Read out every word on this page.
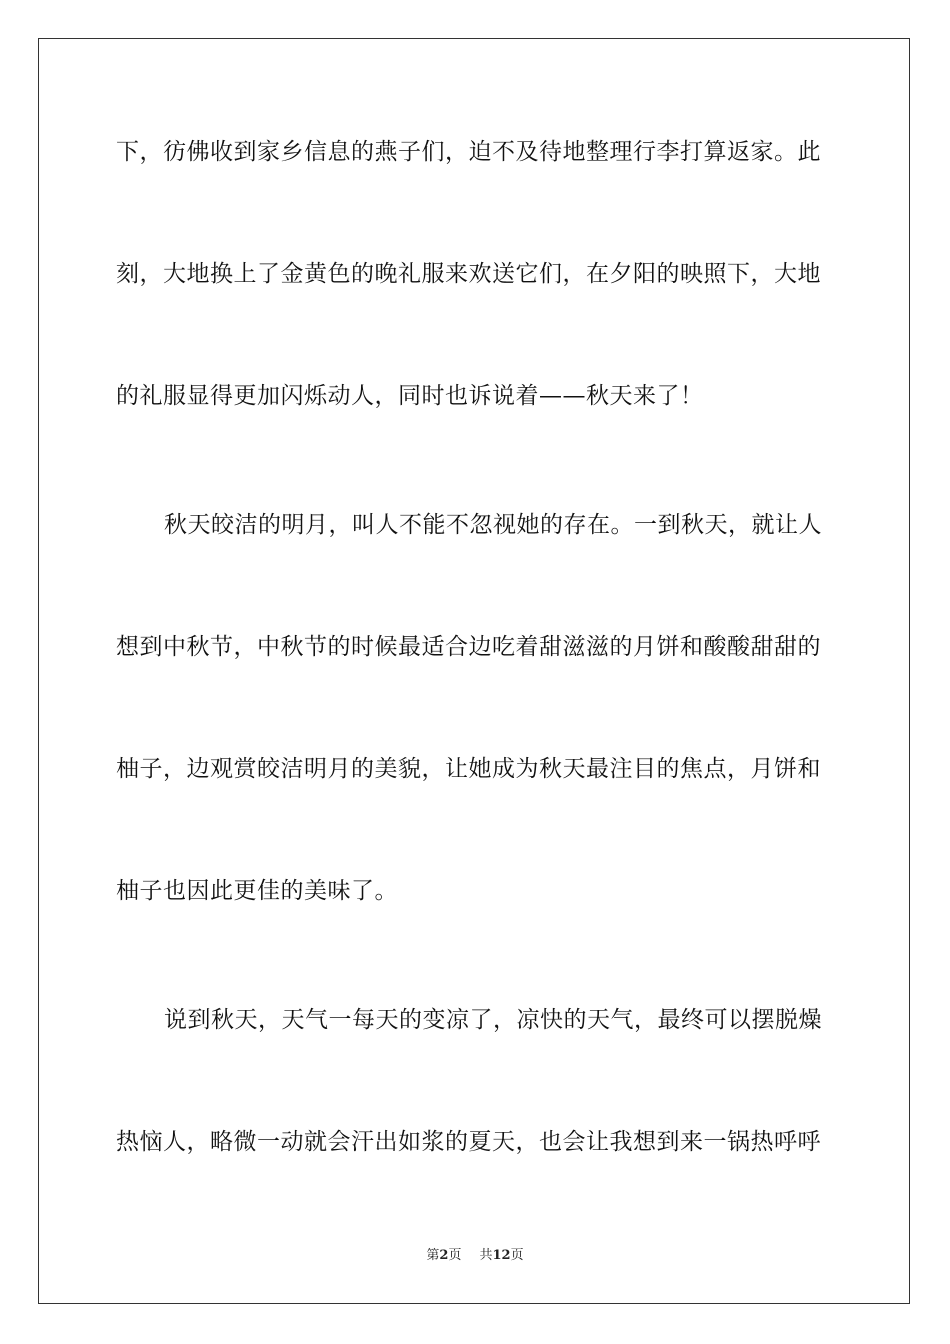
下，彷佛收到家乡信息的燕子们，迫不及待地整理行李打算返家。此
刻，大地换上了金黄色的晚礼服来欢送它们，在夕阳的映照下，大地
的礼服显得更加闪烁动人，同时也诉说着——秋天来了！
秋天皎洁的明月，叫人不能不忽视她的存在。一到秋天，就让人
想到中秋节，中秋节的时候最适合边吃着甜滋滋的月饼和酸酸甜甜的
柚子，边观赏皎洁明月的美貌，让她成为秋天最注目的焦点，月饼和
柚子也因此更佳的美味了。
说到秋天，天气一每天的变凉了，凉快的天气，最终可以摆脱燥
热恼人，略微一动就会汗出如浆的夏天，也会让我想到来一锅热呼呼
第2页 共12页
